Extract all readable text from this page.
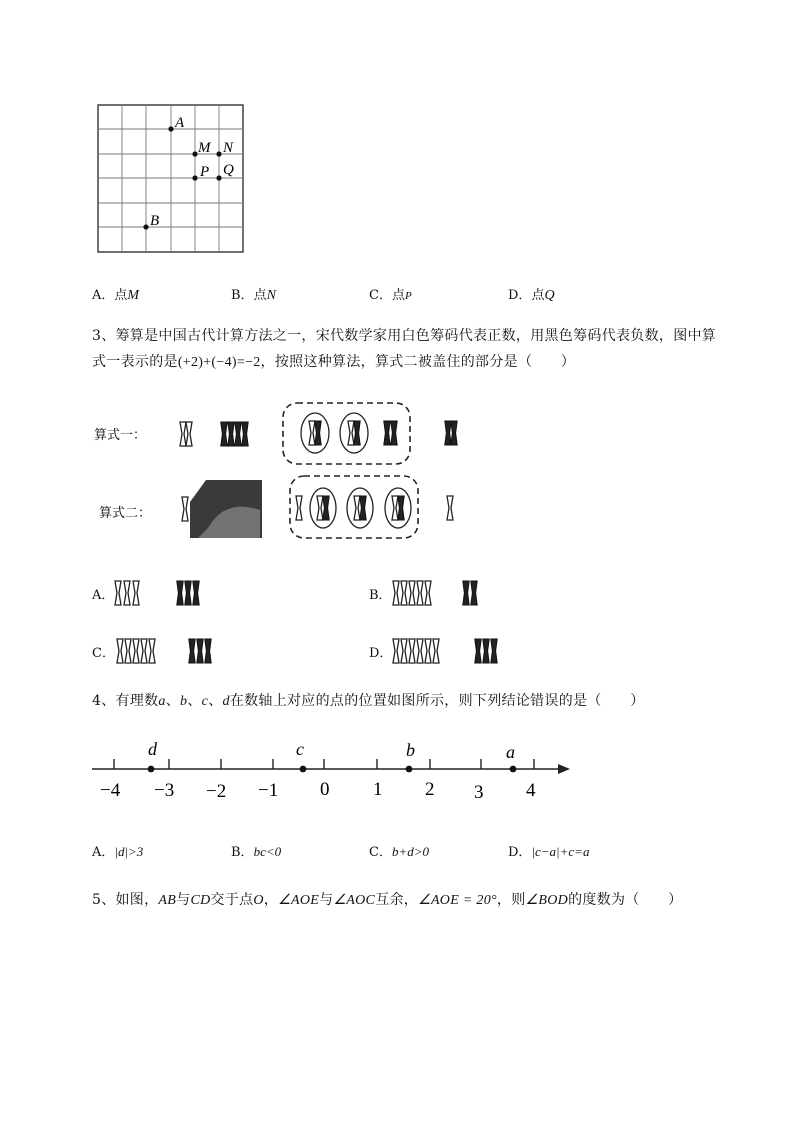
A
M N
P Q
B
A．点M	B．点N	C．点P	D．点Q
3、筹算是中国古代计算方法之一，宋代数学家用白色筹码代表正数，用黑色筹码代表负数，图中算
式一表示的是(+2)+(−4)=−2，按照这种算法，算式二被盖住的部分是（　　）
算式一：
算式二：
A．	B．
C．	D．
4、有理数a、b、c、d在数轴上对应的点的位置如图所示，则下列结论错误的是（　　）
−4 −3 −2 −1 0 1 2 3 4
d	c	b	a
A．|d|>3	B．bc<0	C．b+d>0	D．|c−a|+c=a
5、如图，AB与CD交于点O，∠AOE与∠AOC互余，∠AOE = 20°，则∠BOD的度数为（　　）
